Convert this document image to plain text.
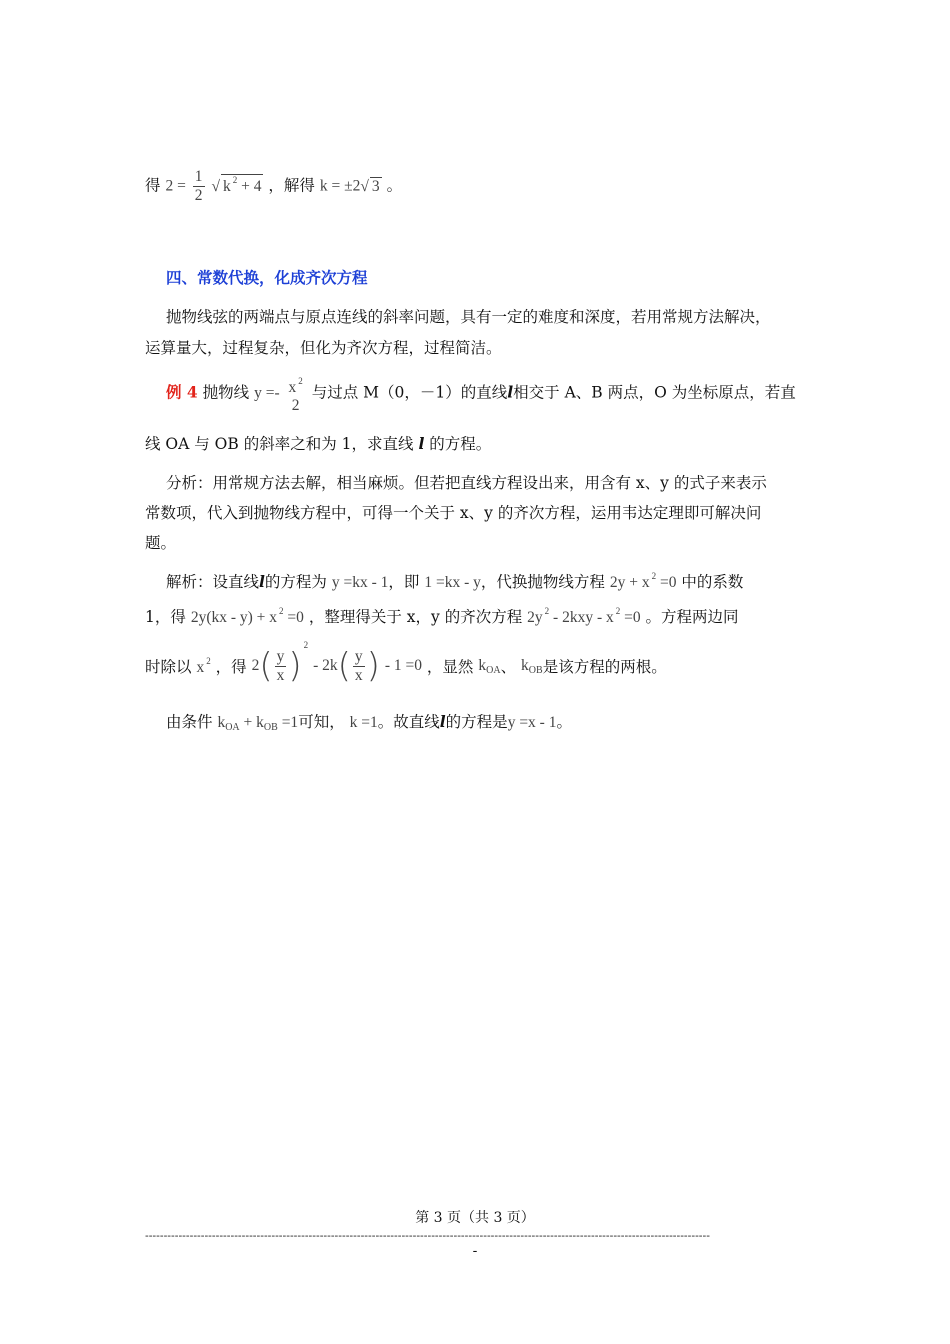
得 $2 = \frac{1}{2}$ √ k $^2$ + 4 ，解得 k = ±2√ 3 。
四、常数代换，化成齐次方程
抛物线弦的两端点与原点连线的斜率问题，具有一定的难度和深度，若用常规方法解决，
运算量大，过程复杂，但化为齐次方程，过程简洁。
例 4 抛物线 y =- x $^2$
2
与过点 M（0，－1）的直线l相交于 A、B 两点，O 为坐标原点，若直
线 OA 与 OB 的斜率之和为 1，求直线 l 的方程。
分析：用常规方法去解，相当麻烦。但若把直线方程设出来，用含有 x、y 的式子来表示
常数项，代入到抛物线方程中，可得一个关于 x、y 的齐次方程，运用韦达定理即可解决问
题。
解析：设直线l的方程为 y =kx - 1，即 1 =kx - y，代换抛物线方程 2y + x $^2$ =0 中的系数
1，得 2y(kx - y) + x $^2$ =0 ，整理得关于 x，y 的齐次方程 2y $^2$ - 2kxy - x $^2$ =0 。方程两边同
时除以 x $^2$ ，得 $2( \frac{y}{x} )^2 - 2k( \frac{y}{x}$ ) - 1 =0 ，显然 $k_{OA}$、 $k_{OB}$是该方程的两根。
由条件 $k_{OA} + k_{OB} =1$可知， k =1。故直线l的方程是y =x - 1。
第 3 页（共 3 页）
--------------------------------------------------------------------------------------------------------------------------------------------------------
-
